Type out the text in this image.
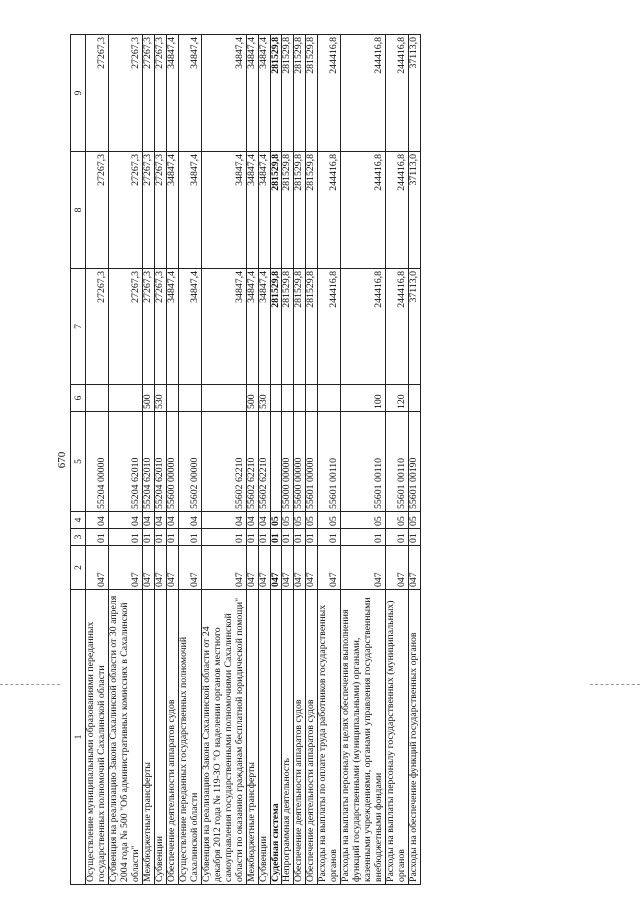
670
1	2	3	4	5	6	7	8	9
Осуществление муниципальными образованиями переданных государственных полномочий Сахалинской области	047	01	04	55204 00000		27267,3	27267,3	27267,3
Субвенция на реализацию Закона Сахалинской области от 30 апреля 2004 года № 500 "Об административных комиссиях в Сахалинской области"	047	01	04	55204 62010		27267,3	27267,3	27267,3
Межбюджетные трансферты	047	01	04	55204 62010	500	27267,3	27267,3	27267,3
Субвенции	047	01	04	55204 62010	530	27267,3	27267,3	27267,3
Обеспечение деятельности аппаратов судов	047	01	04	55600 00000		34847,4	34847,4	34847,4
Осуществление переданных государственных полномочий Сахалинской области	047	01	04	55602 00000		34847,4	34847,4	34847,4
Субвенция на реализацию Закона Сахалинской области от 24 декабря 2012 года № 119-ЗО "О наделении органов местного самоуправления государственными полномочиями Сахалинской области по оказанию гражданам бесплатной юридической помощи"	047	01	04	55602 62210		34847,4	34847,4	34847,4
Межбюджетные трансферты	047	01	04	55602 62210	500	34847,4	34847,4	34847,4
Субвенции	047	01	04	55602 62210	530	34847,4	34847,4	34847,4
Судебная система	047	01	05			281529,8	281529,8	281529,8
Непрограммная деятельность	047	01	05	55000 00000		281529,8	281529,8	281529,8
Обеспечение деятельности аппаратов судов	047	01	05	55600 00000		281529,8	281529,8	281529,8
Обеспечение деятельности аппаратов судов	047	01	05	55601 00000		281529,8	281529,8	281529,8
Расходы на выплаты по оплате труда работников государственных органов	047	01	05	55601 00110		244416,8	244416,8	244416,8
Расходы на выплаты персоналу в целях обеспечения выполнения функций государственными (муниципальными) органами, казенными учреждениями, органами управления государственными внебюджетными фондами	047	01	05	55601 00110	100	244416,8	244416,8	244416,8
Расходы на выплаты персоналу государственных (муниципальных) органов	047	01	05	55601 00110	120	244416,8	244416,8	244416,8
Расходы на обеспечение функций государственных органов	047	01	05	55601 00190		37113,0	37113,0	37113,0
